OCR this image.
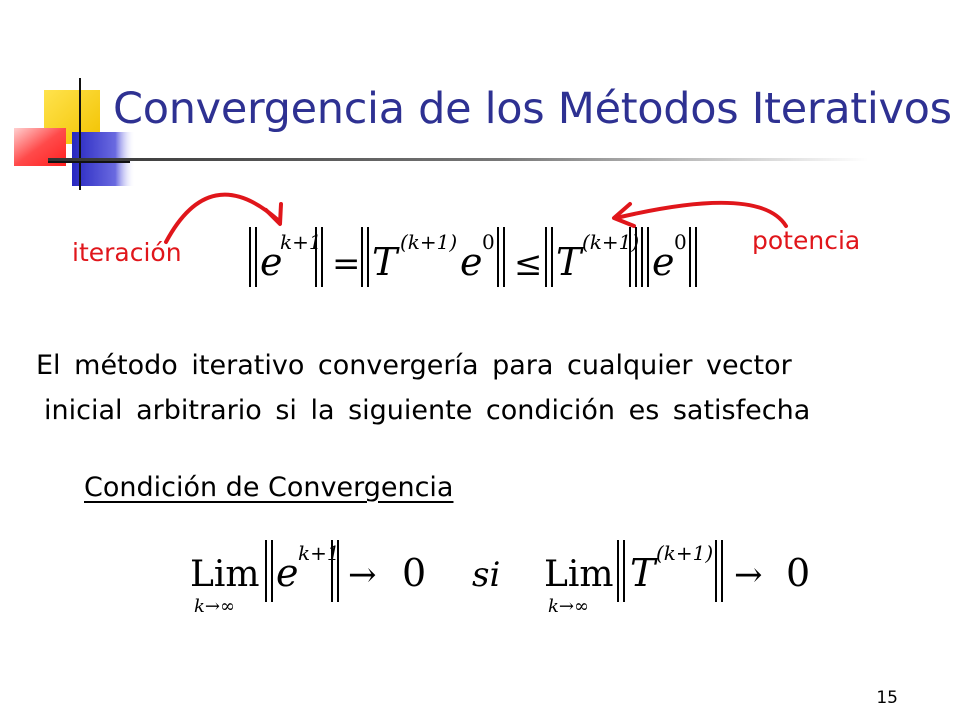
Convergencia de los Métodos Iterativos
iteración	potencia
e
k+1
= T (k+1) e 0
≤ T (k+1) e 0
El método iterativo convergería para cualquier vector
inicial arbitrario si la siguiente condición es satisfecha
Condición de Convergencia
Lim
k→∞
e k+1
→ 0 si Lim
k→∞
T (k+1)
→ 0
15
